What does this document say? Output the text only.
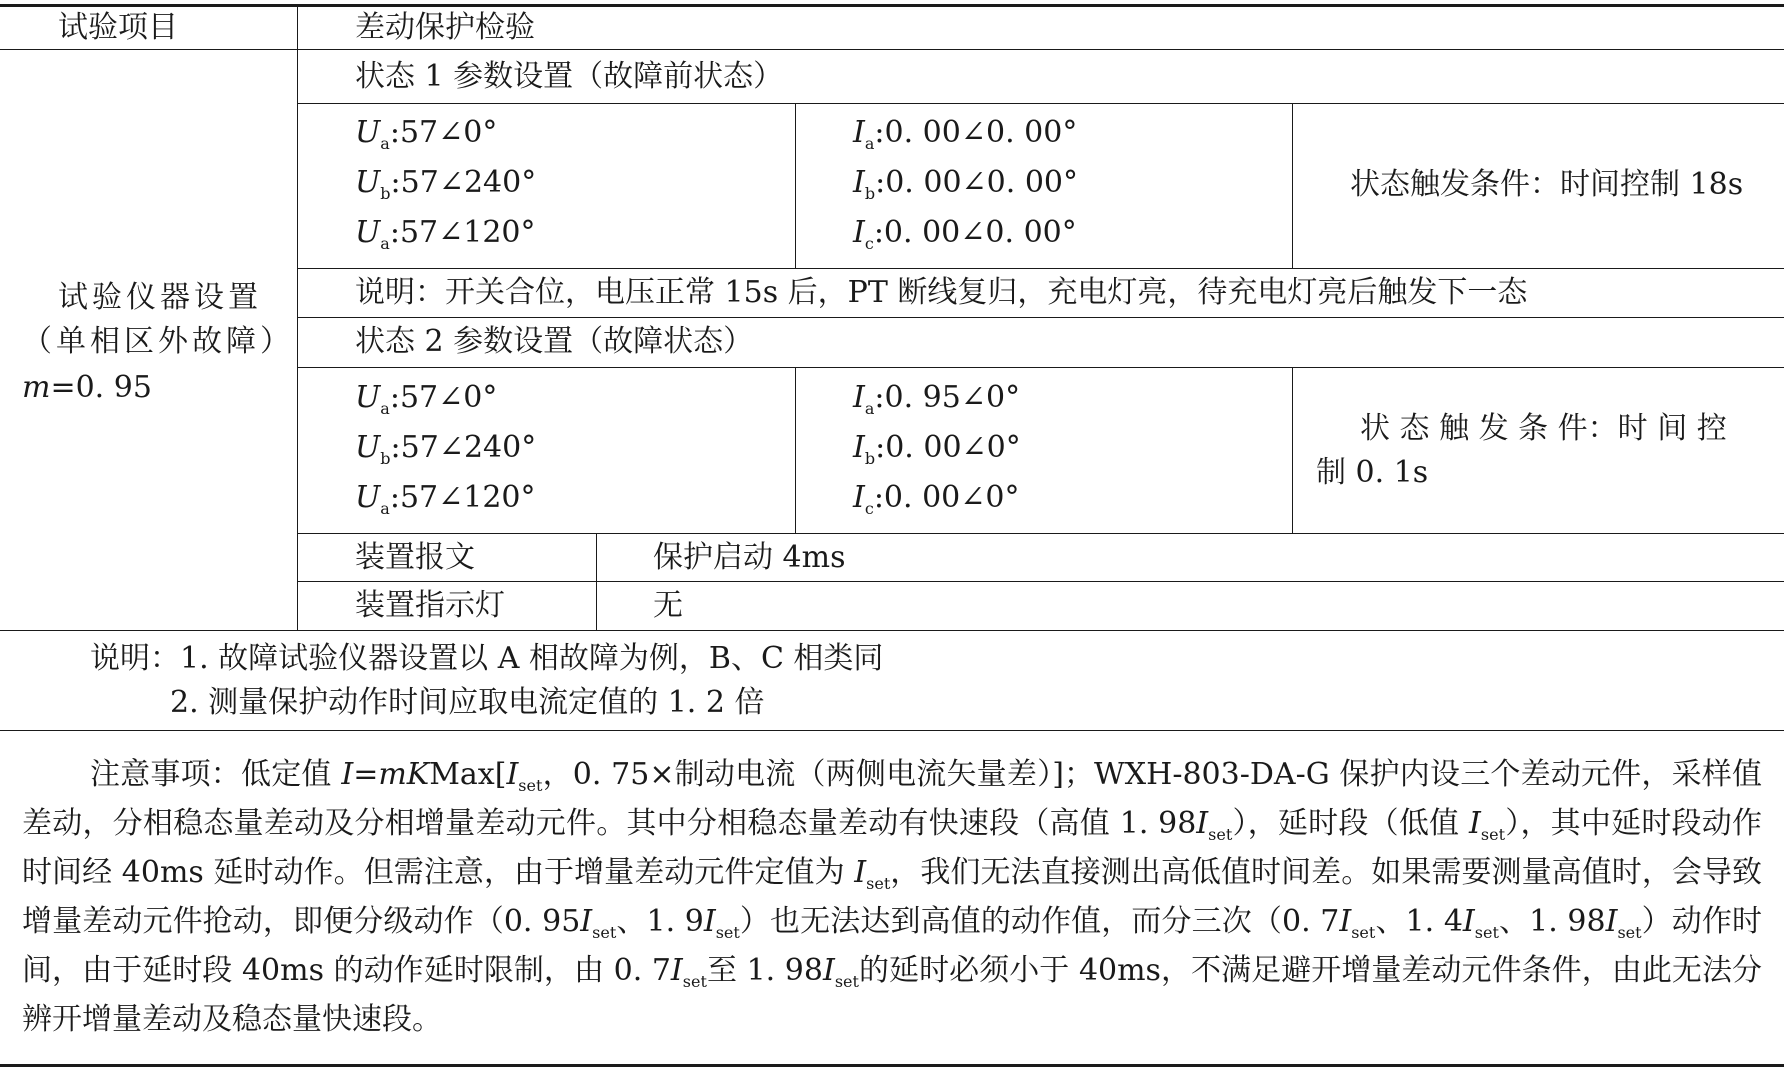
试验项目	差动保护检验
试验仪器设置
（单相区外故障）
m=0. 95
状态 1 参数设置（故障前状态）
$U_a:57\angle 0^\circ$
$U_b:57\angle 240^\circ$
$U_a:57\angle 120^\circ$
$I_a:0$. 00∠0. 00°
$I_b:0$. 00∠0. 00°
$I_c:0$. 00∠0. 00°
状态触发条件：时间控制 18s
说明：开关合位，电压正常 15s 后，PT 断线复归，充电灯亮，待充电灯亮后触发下一态
状态 2 参数设置（故障状态）
$U_a:57\angle 0^\circ$
$U_b:57\angle 240^\circ$
$U_a:57\angle 120^\circ$
$I_a:0$. 95∠0°
$I_b:0$. 00∠0°
$I_c:0$. 00∠0°
状 态 触 发 条 件：时 间 控
制 0. 1s
装置报文	保护启动 4ms
装置指示灯	无
说明：1. 故障试验仪器设置以 A 相故障为例，B、C 相类同
2. 测量保护动作时间应取电流定值的 1. 2 倍
注意事项：低定值 $I=mKMax[I_{set}$，0. 75×制动电流（两侧电流矢量差）]；WXH-803-DA-G 保护内设三个差动元件，采样值差动，分相稳态量差动及分相增量差动元件。其中分相稳态量差动有快速段（高值 1. $98I_{set}$），延时段（低值 $I_{set}$），其中延时段动作时间经 40ms 延时动作。但需注意，由于增量差动元件定值为 $I_{set}$，我们无法直接测出高低值时间差。如果需要测量高值时，会导致增量差动元件抢动，即便分级动作（0. $95I_{set}$、1. $9I_{set}$）也无法达到高值的动作值，而分三次（0. $7I_{set}$、1. $4I_{set}$、1. $98I_{set}$）动作时间，由于延时段 40ms 的动作延时限制，由 0. $7I_{set}$至 1. $98I_{set}$的延时必须小于 40ms，不满足避开增量差动元件条件，由此无法分辨开增量差动及稳态量快速段。
